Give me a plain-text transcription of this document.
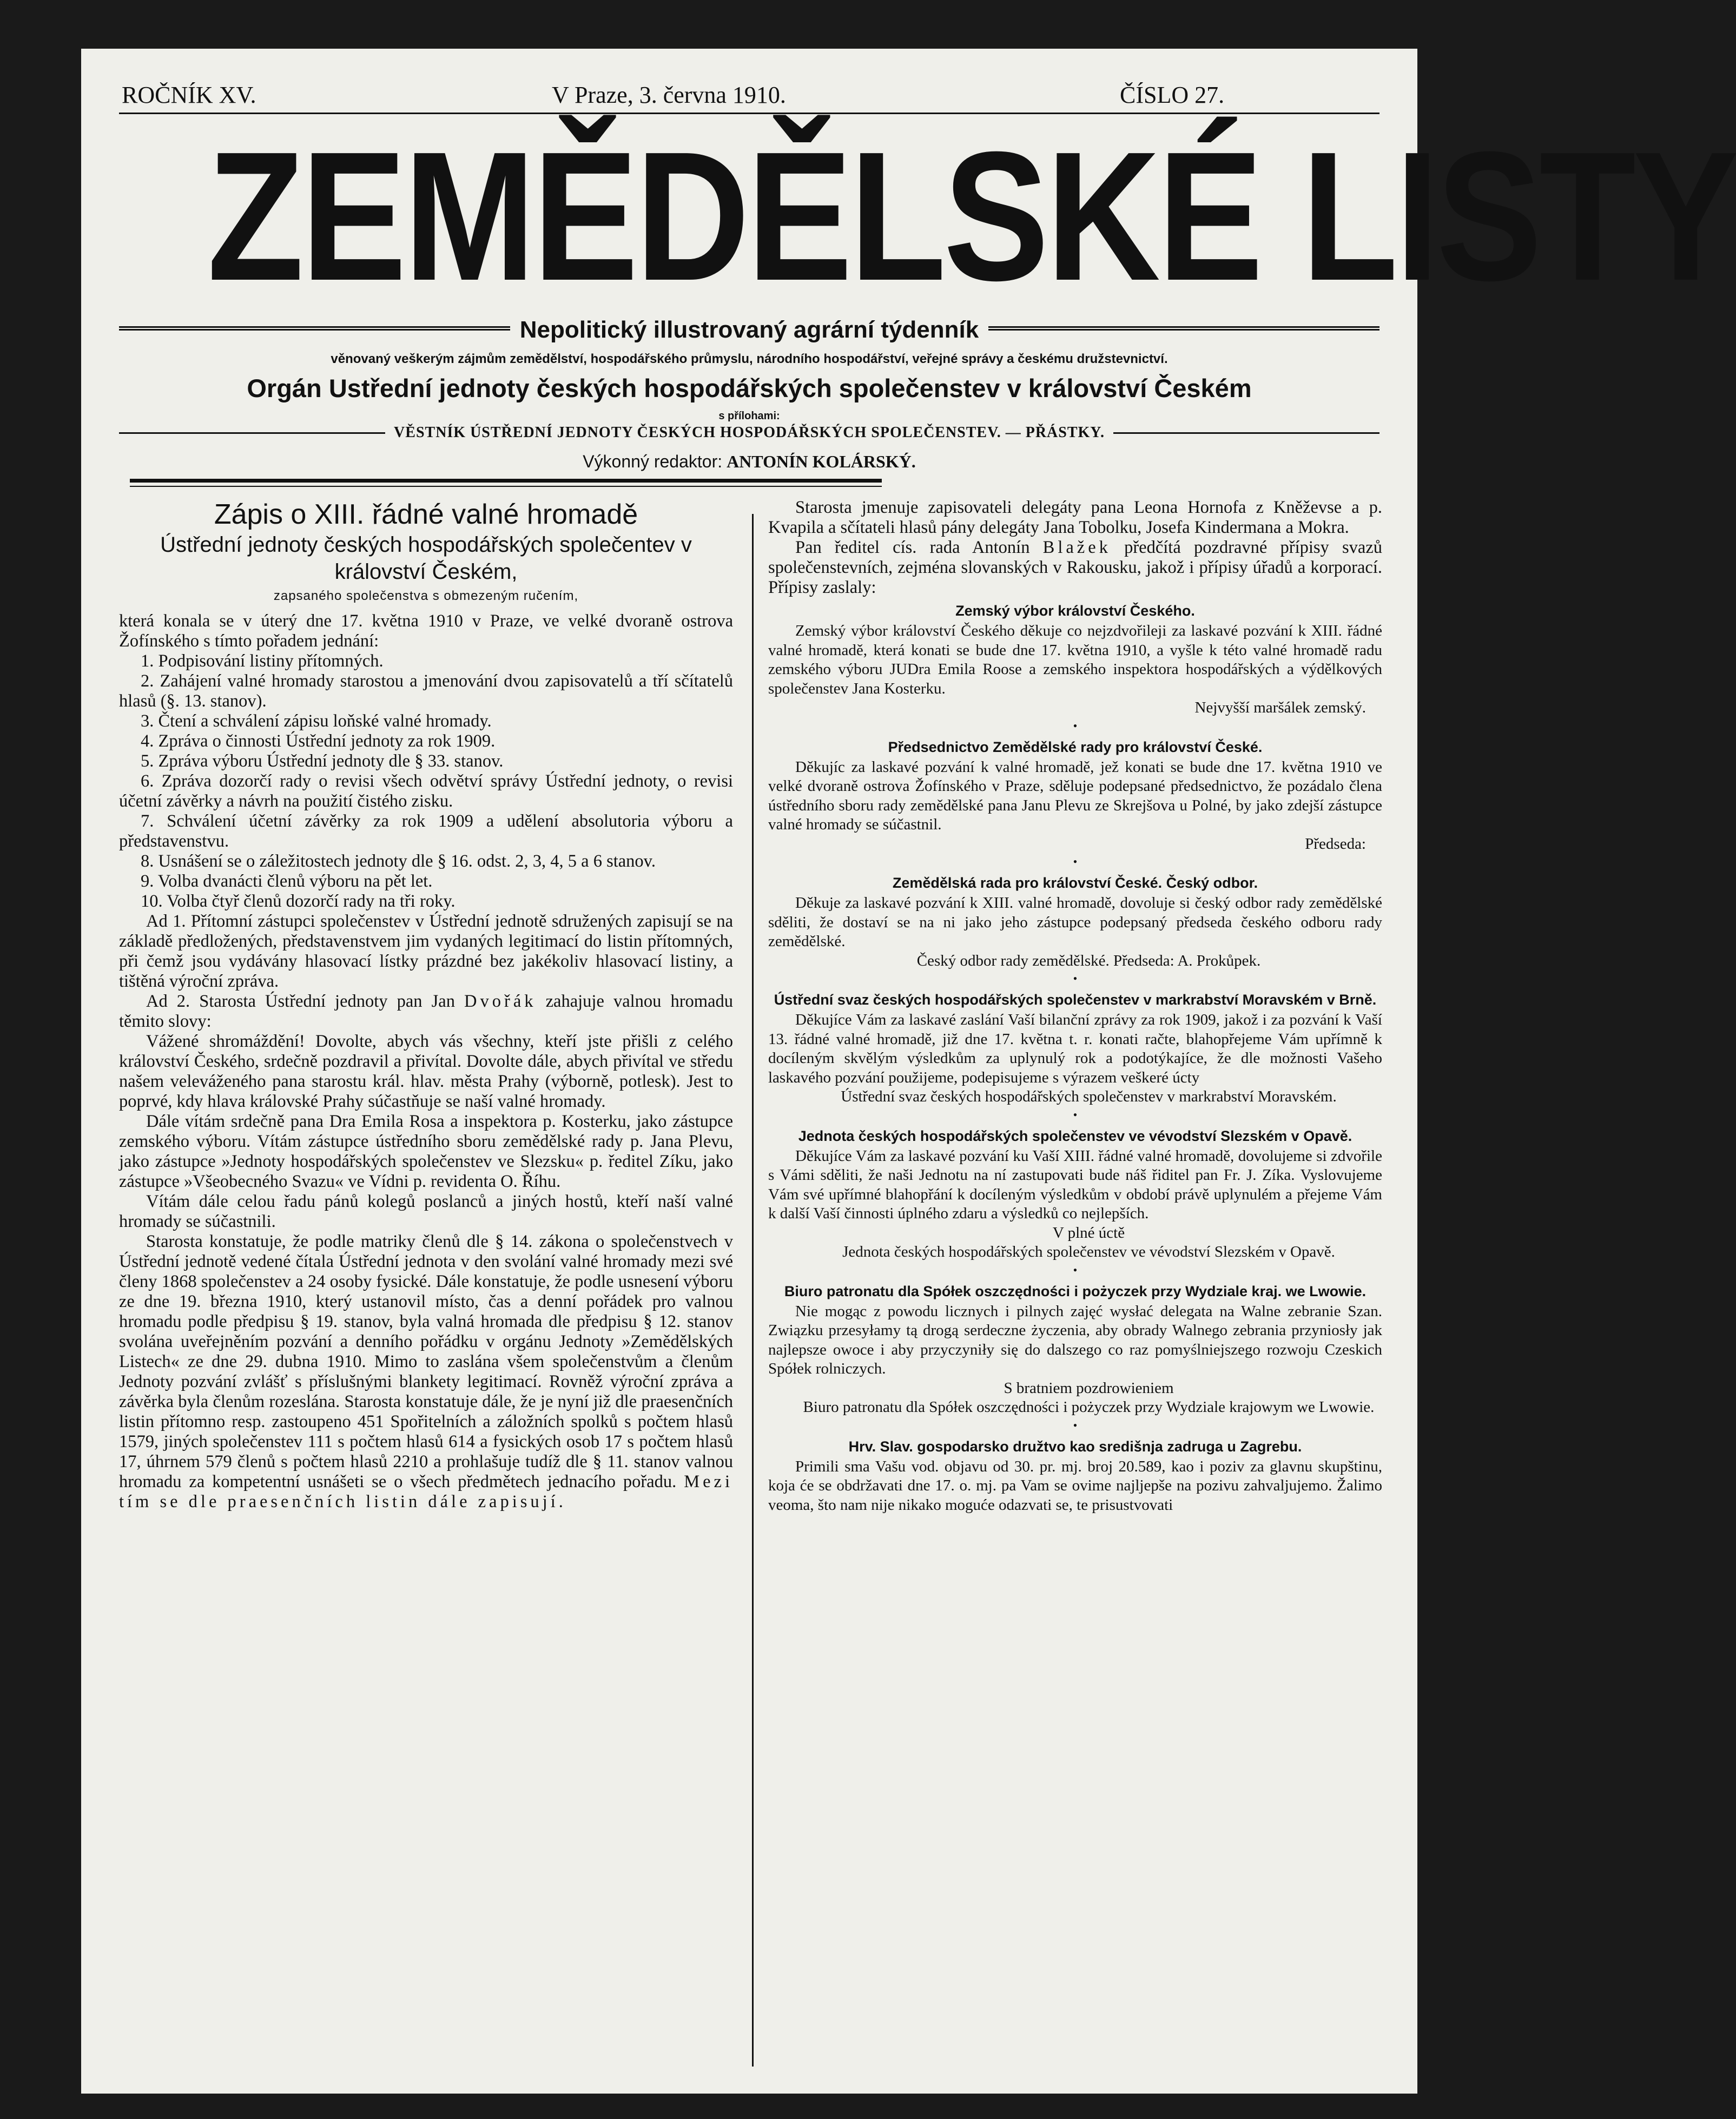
ROČNÍK XV.	V Praze, 3. června 1910.	ČÍSLO 27.
ZEMĚDĚLSKÉ LISTY
Nepolitický illustrovaný agrární týdenník
věnovaný veškerým zájmům zemědělství, hospodářského průmyslu, národního hospodářství, veřejné správy a českému družstevnictví.
Orgán Ustřední jednoty českých hospodářských společenstev v království Českém
s přílohami:
VĚSTNÍK ÚSTŘEDNÍ JEDNOTY ČESKÝCH HOSPODÁŘSKÝCH SPOLEČENSTEV. — PŘÁSTKY.
Výkonný redaktor: ANTONÍN KOLÁRSKÝ.

Zápis o XIII. řádné valné hromadě

Ústřední jednoty českých hospodářských společentev v království Českém,

zapsaného společenstva s obmezeným ručením,

která konala se v úterý dne 17. května 1910 v Praze, ve velké dvoraně ostrova Žofínského s tímto pořadem jednání:

1. Podpisování listiny přítomných.

2. Zahájení valné hromady starostou a jmenování dvou zapisovatelů a tří sčítatelů hlasů (§. 13. stanov).

3. Čtení a schválení zápisu loňské valné hromady.

4. Zpráva o činnosti Ústřední jednoty za rok 1909.

5. Zpráva výboru Ústřední jednoty dle § 33. stanov.

6. Zpráva dozorčí rady o revisi všech odvětví správy Ústřední jednoty, o revisi účetní závěrky a návrh na použití čistého zisku.

7. Schválení účetní závěrky za rok 1909 a udělení absolutoria výboru a představenstvu.

8. Usnášení se o záležitostech jednoty dle § 16. odst. 2, 3, 4, 5 a 6 stanov.

9. Volba dvanácti členů výboru na pět let.

10. Volba čtyř členů dozorčí rady na tři roky.

Ad 1. Přítomní zástupci společenstev v Ústřední jednotě sdružených zapisují se na základě předložených, představenstvem jim vydaných legitimací do listin přítomných, při čemž jsou vydávány hlasovací lístky prázdné bez jakékoliv hlasovací listiny, a tištěná výroční zpráva.

Ad 2. Starosta Ústřední jednoty pan Jan Dvořák zahajuje valnou hromadu těmito slovy:

Vážené shromáždění! Dovolte, abych vás všechny, kteří jste přišli z celého království Českého, srdečně pozdravil a přivítal. Dovolte dále, abych přivítal ve středu našem veleváženého pana starostu král. hlav. města Prahy (výborně, potlesk). Jest to poprvé, kdy hlava královské Prahy súčastňuje se naší valné hromady.

Dále vítám srdečně pana Dra Emila Rosa a inspektora p. Kosterku, jako zástupce zemského výboru. Vítám zástupce ústředního sboru zemědělské rady p. Jana Plevu, jako zástupce »Jednoty hospodářských společenstev ve Slezsku« p. ředitel Zíku, jako zástupce »Všeobecného Svazu« ve Vídni p. revidenta O. Říhu.

Vítám dále celou řadu pánů kolegů poslanců a jiných hostů, kteří naší valné hromady se súčastnili.

Starosta konstatuje, že podle matriky členů dle § 14. zákona o společenstvech v Ústřední jednotě vedené čítala Ústřední jednota v den svolání valné hromady mezi své členy 1868 společenstev a 24 osoby fysické. Dále konstatuje, že podle usnesení výboru ze dne 19. března 1910, který ustanovil místo, čas a denní pořádek pro valnou hromadu podle předpisu § 19. stanov, byla valná hromada dle předpisu § 12. stanov svolána uveřejněním pozvání a denního pořádku v orgánu Jednoty »Zemědělských Listech« ze dne 29. dubna 1910. Mimo to zaslána všem společenstvům a členům Jednoty pozvání zvlášť s příslušnými blankety legitimací. Rovněž výroční zpráva a závěrka byla členům rozeslána. Starosta konstatuje dále, že je nyní již dle praesenčních listin přítomno resp. zastoupeno 451 Spořitelních a záložních spolků s počtem hlasů 1579, jiných společenstev 111 s počtem hlasů 614 a fysických osob 17 s počtem hlasů 17, úhrnem 579 členů s počtem hlasů 2210 a prohlašuje tudíž dle § 11. stanov valnou hromadu za kompetentní usnášeti se o všech předmětech jednacího pořadu. Mezi tím se dle praesenčních listin dále zapisují.

Starosta jmenuje zapisovateli delegáty pana Leona Hornofa z Kněževse a p. Kvapila a sčítateli hlasů pány delegáty Jana Tobolku, Josefa Kindermana a Mokra.

Pan ředitel cís. rada Antonín Blažek předčítá pozdravné přípisy svazů společenstevních, zejména slovanských v Rakousku, jakož i přípisy úřadů a korporací. Přípisy zaslaly:

Zemský výbor království Českého.

Zemský výbor království Českého děkuje co nejzdvořileji za laskavé pozvání k XIII. řádné valné hromadě, která konati se bude dne 17. května 1910, a vyšle k této valné hromadě radu zemského výboru JUDra Emila Roose a zemského inspektora hospodářských a výdělkových společenstev Jana Kosterku.

Nejvyšší maršálek zemský.

•
Předsednictvo Zemědělské rady pro království České.

Děkujíc za laskavé pozvání k valné hromadě, jež konati se bude dne 17. května 1910 ve velké dvoraně ostrova Žofínského v Praze, sděluje podepsané předsednictvo, že pozádalo člena ústředního sboru rady zemědělské pana Janu Plevu ze Skrejšova u Polné, by jako zdejší zástupce valné hromady se súčastnil.

Předseda:

•
Zemědělská rada pro království České. Český odbor.

Děkuje za laskavé pozvání k XIII. valné hromadě, dovoluje si český odbor rady zemědělské sděliti, že dostaví se na ni jako jeho zástupce podepsaný předseda českého odboru rady zemědělské.

Český odbor rady zemědělské. Předseda: A. Prokůpek.

•
Ústřední svaz českých hospodářských společenstev v markrabství Moravském v Brně.

Děkujíce Vám za laskavé zaslání Vaší bilanční zprávy za rok 1909, jakož i za pozvání k Vaší 13. řádné valné hromadě, již dne 17. května t. r. konati račte, blahopřejeme Vám upřímně k docíleným skvělým výsledkům za uplynulý rok a podotýkajíce, že dle možnosti Vašeho laskavého pozvání použijeme, podepisujeme s výrazem veškeré úcty

Ústřední svaz českých hospodářských společenstev v markrabství Moravském.

•
Jednota českých hospodářských společenstev ve vévodství Slezském v Opavě.

Děkujíce Vám za laskavé pozvání ku Vaší XIII. řádné valné hromadě, dovolujeme si zdvořile s Vámi sděliti, že naši Jednotu na ní zastupovati bude náš řiditel pan Fr. J. Zíka. Vyslovujeme Vám své upřímné blahopřání k docíleným výsledkům v období právě uplynulém a přejeme Vám k další Vaší činnosti úplného zdaru a výsledků co nejlepších.

V plné úctě

Jednota českých hospodářských společenstev ve vévodství Slezském v Opavě.

•
Biuro patronatu dla Spółek oszczędności i pożyczek przy Wydziale kraj. we Lwowie.

Nie mogąc z powodu licznych i pilnych zajęć wysłać delegata na Walne zebranie Szan. Związku przesyłamy tą drogą serdeczne życzenia, aby obrady Walnego zebrania przyniosły jak najlepsze owoce i aby przyczyniły się do dalszego co raz pomyślniejszego rozwoju Czeskich Spółek rolniczych.

S bratniem pozdrowieniem

Biuro patronatu dla Spółek oszczędności i pożyczek przy Wydziale krajowym we Lwowie.

•
Hrv. Slav. gospodarsko družtvo kao središnja zadruga u Zagrebu.

Primili sma Vašu vod. objavu od 30. pr. mj. broj 20.589, kao i poziv za glavnu skupštinu, koja će se obdržavati dne 17. o. mj. pa Vam se ovime najljepše na pozivu zahvaljujemo. Žalimo veoma, što nam nije nikako moguće odazvati se, te prisustvovati
